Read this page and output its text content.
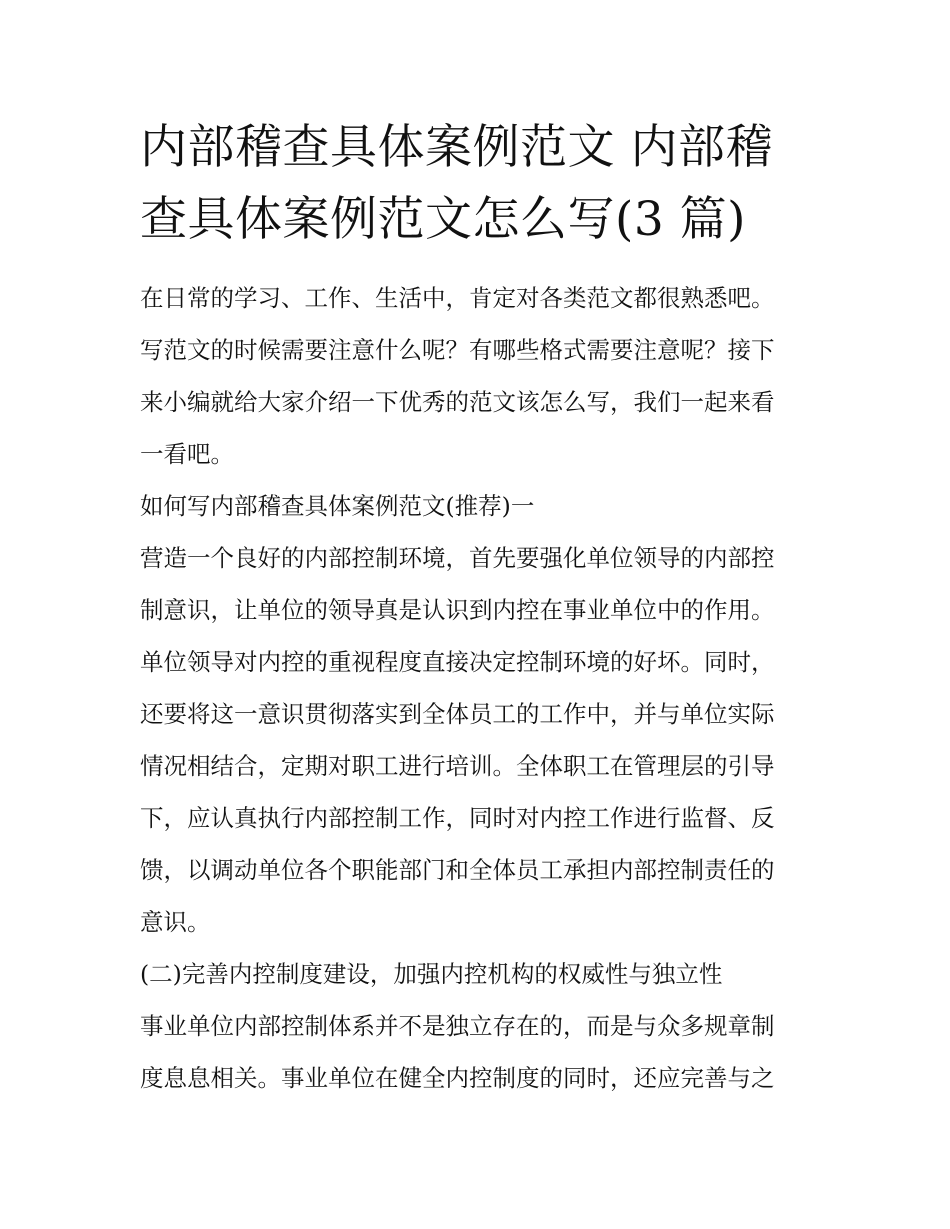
内部稽查具体案例范文 内部稽
查具体案例范文怎么写(3 篇)
在日常的学习、工作、生活中，肯定对各类范文都很熟悉吧。
写范文的时候需要注意什么呢？有哪些格式需要注意呢？接下
来小编就给大家介绍一下优秀的范文该怎么写，我们一起来看
一看吧。
如何写内部稽查具体案例范文(推荐)一
营造一个良好的内部控制环境，首先要强化单位领导的内部控
制意识，让单位的领导真是认识到内控在事业单位中的作用。
单位领导对内控的重视程度直接决定控制环境的好坏。同时，
还要将这一意识贯彻落实到全体员工的工作中，并与单位实际
情况相结合，定期对职工进行培训。全体职工在管理层的引导
下，应认真执行内部控制工作，同时对内控工作进行监督、反
馈，以调动单位各个职能部门和全体员工承担内部控制责任的
意识。
(二)完善内控制度建设，加强内控机构的权威性与独立性
事业单位内部控制体系并不是独立存在的，而是与众多规章制
度息息相关。事业单位在健全内控制度的同时，还应完善与之
